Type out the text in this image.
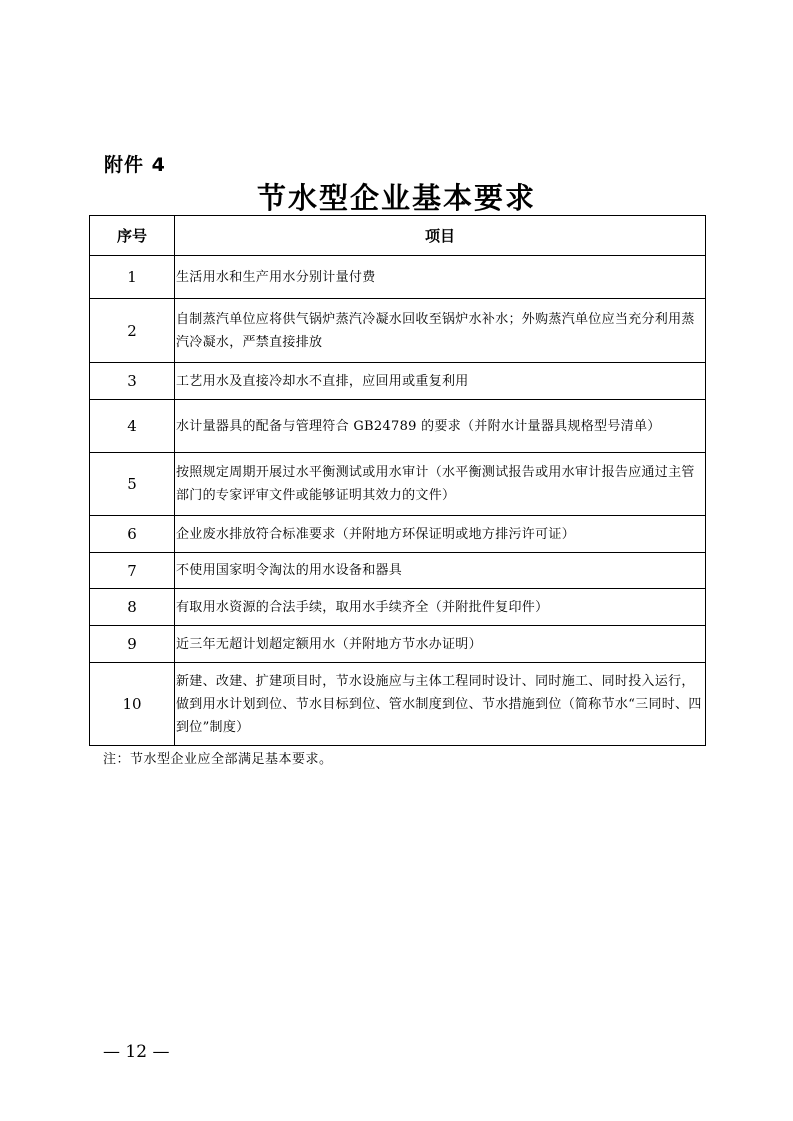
附件 4
节水型企业基本要求
序号	项目
1	生活用水和生产用水分别计量付费
2	自制蒸汽单位应将供气锅炉蒸汽冷凝水回收至锅炉水补水；外购蒸汽单位应当充分利用蒸汽冷凝水，严禁直接排放
3	工艺用水及直接冷却水不直排，应回用或重复利用
4	水计量器具的配备与管理符合 GB24789 的要求（并附水计量器具规格型号清单）
5	按照规定周期开展过水平衡测试或用水审计（水平衡测试报告或用水审计报告应通过主管部门的专家评审文件或能够证明其效力的文件）
6	企业废水排放符合标准要求（并附地方环保证明或地方排污许可证）
7	不使用国家明令淘汰的用水设备和器具
8	有取用水资源的合法手续，取用水手续齐全（并附批件复印件）
9	近三年无超计划超定额用水（并附地方节水办证明）
10	新建、改建、扩建项目时，节水设施应与主体工程同时设计、同时施工、同时投入运行，做到用水计划到位、节水目标到位、管水制度到位、节水措施到位（简称节水“三同时、四到位”制度）
注：节水型企业应全部满足基本要求。
— 12 —
